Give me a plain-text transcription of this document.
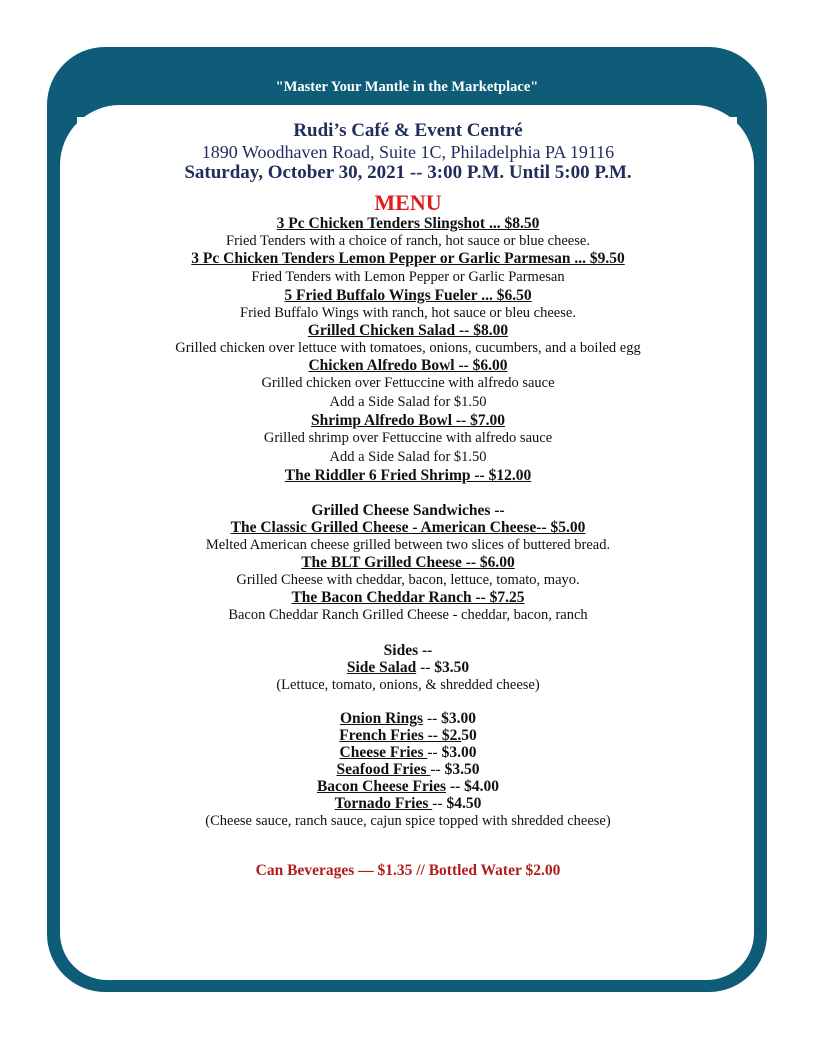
"Master Your Mantle in the Marketplace"
Rudi’s Café & Event Centré
1890 Woodhaven Road, Suite 1C, Philadelphia PA 19116
Saturday, October 30, 2021 -- 3:00 P.M. Until 5:00 P.M.
MENU
3 Pc Chicken Tenders Slingshot ... $8.50
Fried Tenders with a choice of ranch, hot sauce or blue cheese.
3 Pc Chicken Tenders Lemon Pepper or Garlic Parmesan ... $9.50
Fried Tenders with Lemon Pepper or Garlic Parmesan
5 Fried Buffalo Wings Fueler ... $6.50
Fried Buffalo Wings with ranch, hot sauce or bleu cheese.
Grilled Chicken Salad -- $8.00
Grilled chicken over lettuce with tomatoes, onions, cucumbers, and a boiled egg
Chicken Alfredo Bowl -- $6.00
Grilled chicken over Fettuccine with alfredo sauce
Add a Side Salad for $1.50
Shrimp Alfredo Bowl -- $7.00
Grilled shrimp over Fettuccine with alfredo sauce
Add a Side Salad for $1.50
The Riddler 6 Fried Shrimp -- $12.00
Grilled Cheese Sandwiches --
The Classic Grilled Cheese - American Cheese-- $5.00
Melted American cheese grilled between two slices of buttered bread.
The BLT Grilled Cheese -- $6.00
Grilled Cheese with cheddar, bacon, lettuce, tomato, mayo.
The Bacon Cheddar Ranch -- $7.25
Bacon Cheddar Ranch Grilled Cheese - cheddar, bacon, ranch
Sides --
Side Salad -- $3.50
(Lettuce, tomato, onions, & shredded cheese)
Onion Rings -- $3.00
French Fries -- $2.50
Cheese Fries -- $3.00
Seafood Fries -- $3.50
Bacon Cheese Fries -- $4.00
Tornado Fries -- $4.50
(Cheese sauce, ranch sauce, cajun spice topped with shredded cheese)
Can Beverages — $1.35 // Bottled Water $2.00
